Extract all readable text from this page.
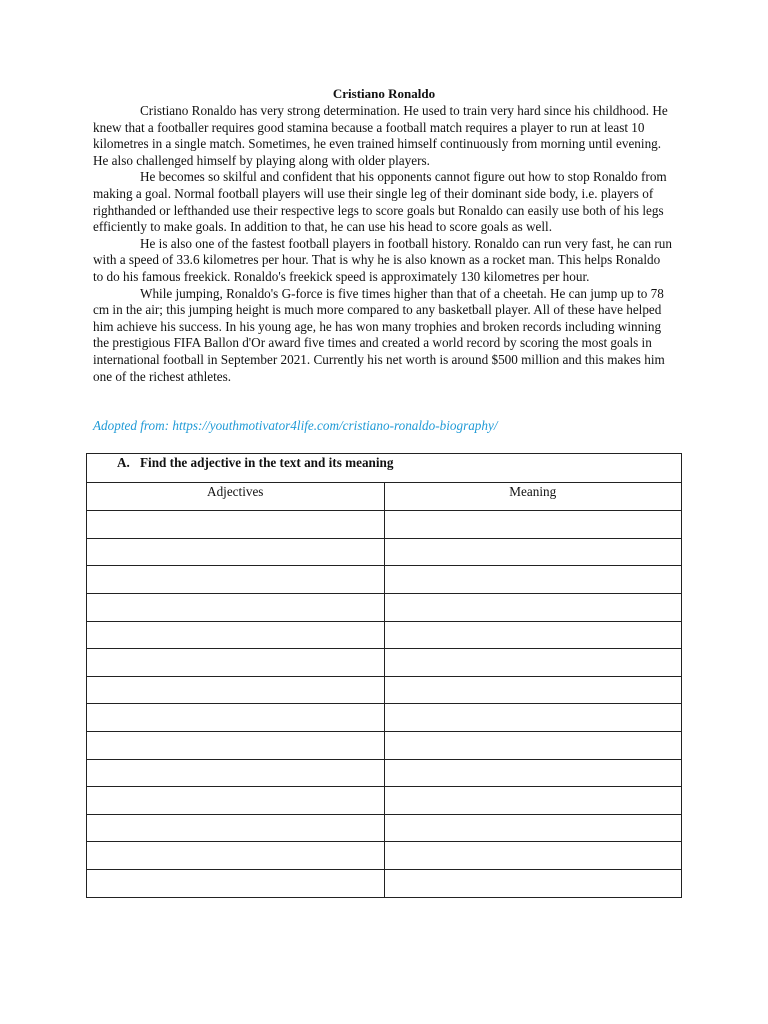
Cristiano Ronaldo

Cristiano Ronaldo has very strong determination. He used to train very hard since his childhood. He knew that a footballer requires good stamina because a football match requires a player to run at least 10 kilometres in a single match. Sometimes, he even trained himself continuously from morning until evening. He also challenged himself by playing along with older players.

He becomes so skilful and confident that his opponents cannot figure out how to stop Ronaldo from making a goal. Normal football players will use their single leg of their dominant side body, i.e. players of righthanded or lefthanded use their respective legs to score goals but Ronaldo can easily use both of his legs efficiently to make goals. In addition to that, he can use his head to score goals as well.

He is also one of the fastest football players in football history. Ronaldo can run very fast, he can run with a speed of 33.6 kilometres per hour. That is why he is also known as a rocket man. This helps Ronaldo to do his famous freekick. Ronaldo's freekick speed is approximately 130 kilometres per hour.

While jumping, Ronaldo's G-force is five times higher than that of a cheetah. He can jump up to 78 cm in the air; this jumping height is much more compared to any basketball player. All of these have helped him achieve his success. In his young age, he has won many trophies and broken records including winning the prestigious FIFA Ballon d'Or award five times and created a world record by scoring the most goals in international football in September 2021. Currently his net worth is around $500 million and this makes him one of the richest athletes.

Adopted from: https://youthmotivator4life.com/cristiano-ronaldo-biography/
A. Find the adjective in the text and its meaning	

Adjectives	Meaning
